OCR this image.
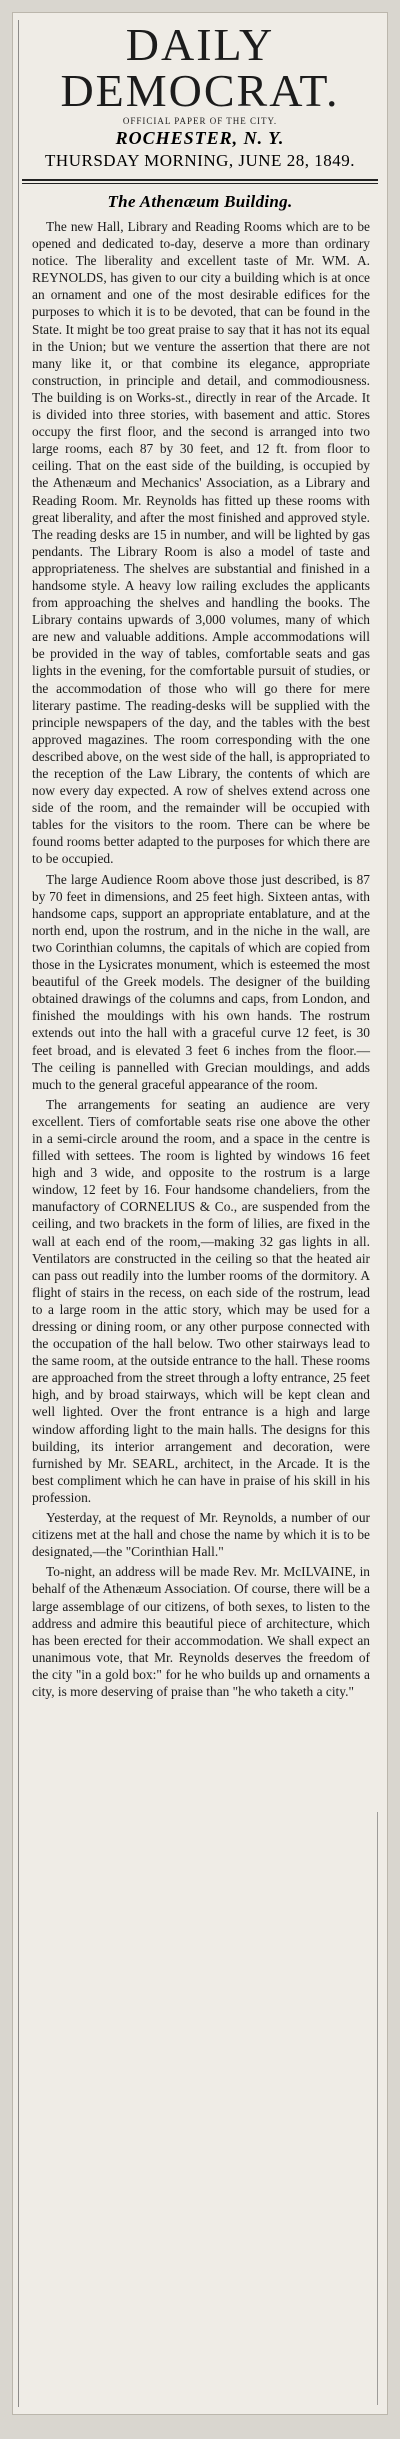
DAILY DEMOCRAT.
OFFICIAL PAPER OF THE CITY.
ROCHESTER, N. Y.
THURSDAY MORNING, JUNE 28, 1849.
The Athenæum Building.

The new Hall, Library and Reading Rooms which are to be opened and dedicated to-day, deserve a more than ordinary notice. The liberality and excellent taste of Mr. WM. A. REYNOLDS, has given to our city a building which is at once an ornament and one of the most desirable edifices for the purposes to which it is to be devoted, that can be found in the State. It might be too great praise to say that it has not its equal in the Union; but we venture the assertion that there are not many like it, or that combine its elegance, appropriate construction, in principle and detail, and commodiousness. The building is on Works-st., directly in rear of the Arcade. It is divided into three stories, with basement and attic. Stores occupy the first floor, and the second is arranged into two large rooms, each 87 by 30 feet, and 12 ft. from floor to ceiling. That on the east side of the building, is occupied by the Athenæum and Mechanics' Association, as a Library and Reading Room. Mr. Reynolds has fitted up these rooms with great liberality, and after the most finished and approved style. The reading desks are 15 in number, and will be lighted by gas pendants. The Library Room is also a model of taste and appropriateness. The shelves are substantial and finished in a handsome style. A heavy low railing excludes the applicants from approaching the shelves and handling the books. The Library contains upwards of 3,000 volumes, many of which are new and valuable additions. Ample accommodations will be provided in the way of tables, comfortable seats and gas lights in the evening, for the comfortable pursuit of studies, or the accommodation of those who will go there for mere literary pastime. The reading-desks will be supplied with the principle newspapers of the day, and the tables with the best approved magazines. The room corresponding with the one described above, on the west side of the hall, is appropriated to the reception of the Law Library, the contents of which are now every day expected. A row of shelves extend across one side of the room, and the remainder will be occupied with tables for the visitors to the room. There can be where be found rooms better adapted to the purposes for which there are to be occupied.

The large Audience Room above those just described, is 87 by 70 feet in dimensions, and 25 feet high. Sixteen antas, with handsome caps, support an appropriate entablature, and at the north end, upon the rostrum, and in the niche in the wall, are two Corinthian columns, the capitals of which are copied from those in the Lysicrates monument, which is esteemed the most beautiful of the Greek models. The designer of the building obtained drawings of the columns and caps, from London, and finished the mouldings with his own hands. The rostrum extends out into the hall with a graceful curve 12 feet, is 30 feet broad, and is elevated 3 feet 6 inches from the floor.— The ceiling is pannelled with Grecian mouldings, and adds much to the general graceful appearance of the room.

The arrangements for seating an audience are very excellent. Tiers of comfortable seats rise one above the other in a semi-circle around the room, and a space in the centre is filled with settees. The room is lighted by windows 16 feet high and 3 wide, and opposite to the rostrum is a large window, 12 feet by 16. Four handsome chandeliers, from the manufactory of CORNELIUS & Co., are suspended from the ceiling, and two brackets in the form of lilies, are fixed in the wall at each end of the room,—making 32 gas lights in all. Ventilators are constructed in the ceiling so that the heated air can pass out readily into the lumber rooms of the dormitory. A flight of stairs in the recess, on each side of the rostrum, lead to a large room in the attic story, which may be used for a dressing or dining room, or any other purpose connected with the occupation of the hall below. Two other stairways lead to the same room, at the outside entrance to the hall. These rooms are approached from the street through a lofty entrance, 25 feet high, and by broad stairways, which will be kept clean and well lighted. Over the front entrance is a high and large window affording light to the main halls. The designs for this building, its interior arrangement and decoration, were furnished by Mr. SEARL, architect, in the Arcade. It is the best compliment which he can have in praise of his skill in his profession.

Yesterday, at the request of Mr. Reynolds, a number of our citizens met at the hall and chose the name by which it is to be designated,—the "Corinthian Hall."

To-night, an address will be made Rev. Mr. McILVAINE, in behalf of the Athenæum Association. Of course, there will be a large assemblage of our citizens, of both sexes, to listen to the address and admire this beautiful piece of architecture, which has been erected for their accommodation. We shall expect an unanimous vote, that Mr. Reynolds deserves the freedom of the city "in a gold box:" for he who builds up and ornaments a city, is more deserving of praise than "he who taketh a city."
